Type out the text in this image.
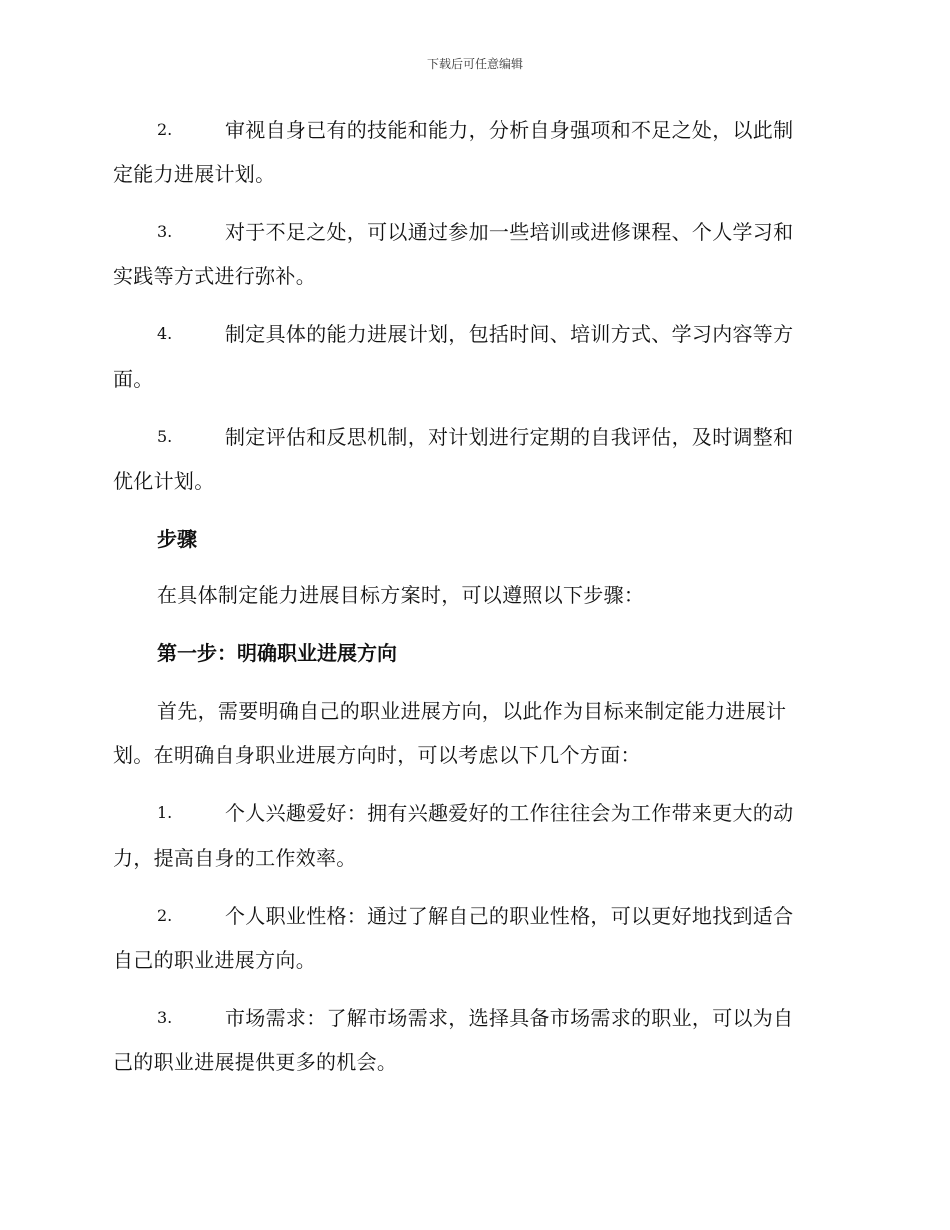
下载后可任意编辑
2.	审视自身已有的技能和能力，分析自身强项和不足之处，以此制
定能力进展计划。
3.	对于不足之处，可以通过参加一些培训或进修课程、个人学习和
实践等方式进行弥补。
4.	制定具体的能力进展计划，包括时间、培训方式、学习内容等方
面。
5.	制定评估和反思机制，对计划进行定期的自我评估，及时调整和
优化计划。
步骤
在具体制定能力进展目标方案时，可以遵照以下步骤：
第一步：明确职业进展方向
首先，需要明确自己的职业进展方向，以此作为目标来制定能力进展计
划。在明确自身职业进展方向时，可以考虑以下几个方面：
1.	个人兴趣爱好：拥有兴趣爱好的工作往往会为工作带来更大的动
力，提高自身的工作效率。
2.	个人职业性格：通过了解自己的职业性格，可以更好地找到适合
自己的职业进展方向。
3.	市场需求：了解市场需求，选择具备市场需求的职业，可以为自
己的职业进展提供更多的机会。
